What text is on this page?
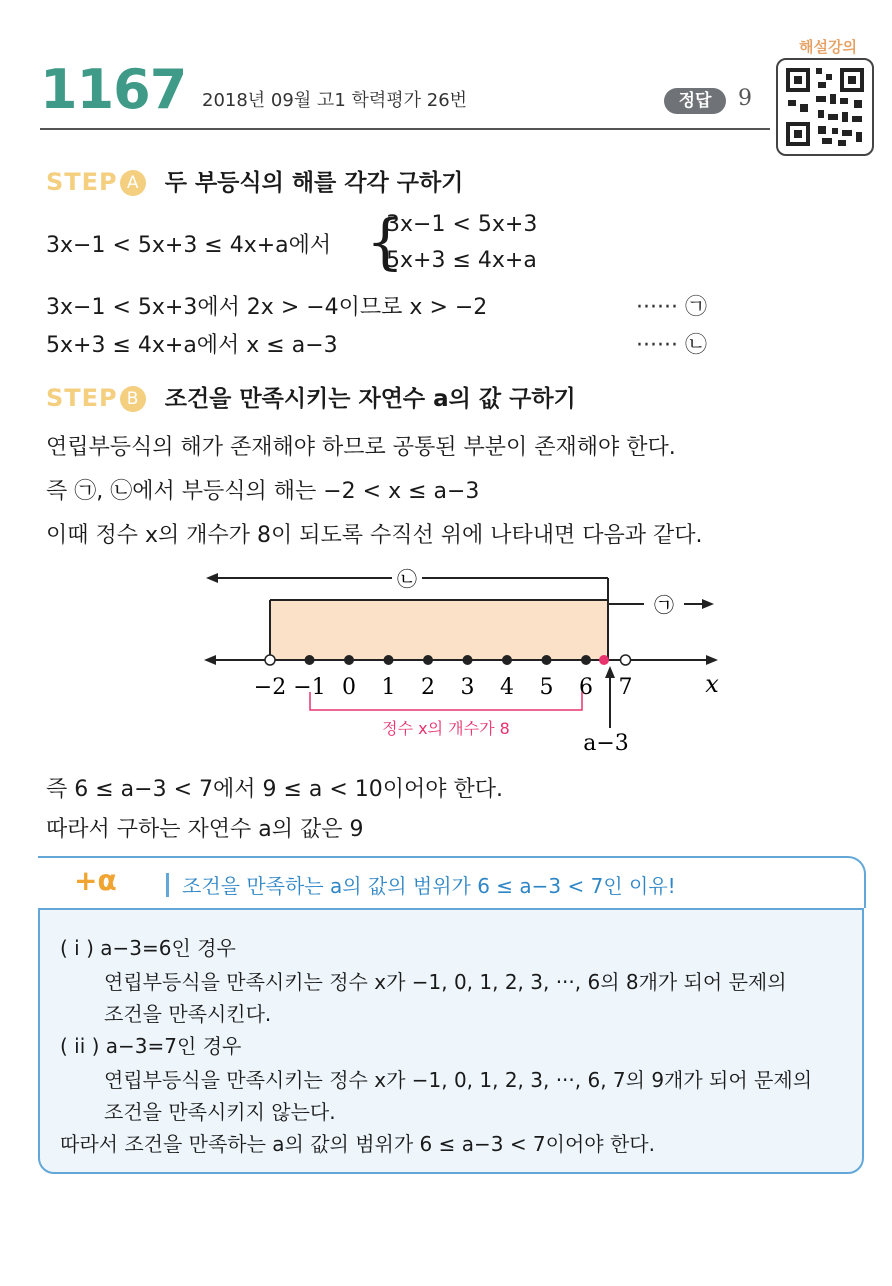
1167 2018년 09월 고1 학력평가 26번	정답	9
해설강의
STEP A 두 부등식의 해를 각각 구하기
3x−1 < 5x+3 ≤ 4x+a에서 {
3x−1 < 5x+3
5x+3 ≤ 4x+a
3x−1 < 5x+3에서 2x > −4이므로 x > −2	······ ㉠
5x+3 ≤ 4x+a에서 x ≤ a−3	······ ㉡
STEP B 조건을 만족시키는 자연수 a의 값 구하기
연립부등식의 해가 존재해야 하므로 공통된 부분이 존재해야 한다.
즉 ㉠, ㉡에서 부등식의 해는 −2 < x ≤ a−3
이때 정수 x의 개수가 8이 되도록 수직선 위에 나타내면 다음과 같다.
㉡
㉠
−2 −1 0 1 2 3 4 5 6 7	x
정수 x의 개수가 8
a−3
즉 6 ≤ a−3 < 7에서 9 ≤ a < 10이어야 한다.
따라서 구하는 자연수 a의 값은 9
+α	조건을 만족하는 a의 값의 범위가 6 ≤ a−3 < 7인 이유!
( i ) a−3=6인 경우
연립부등식을 만족시키는 정수 x가 −1, 0, 1, 2, 3, ···, 6의 8개가 되어 문제의
조건을 만족시킨다.
( ii ) a−3=7인 경우
연립부등식을 만족시키는 정수 x가 −1, 0, 1, 2, 3, ···, 6, 7의 9개가 되어 문제의
조건을 만족시키지 않는다.
따라서 조건을 만족하는 a의 값의 범위가 6 ≤ a−3 < 7이어야 한다.
